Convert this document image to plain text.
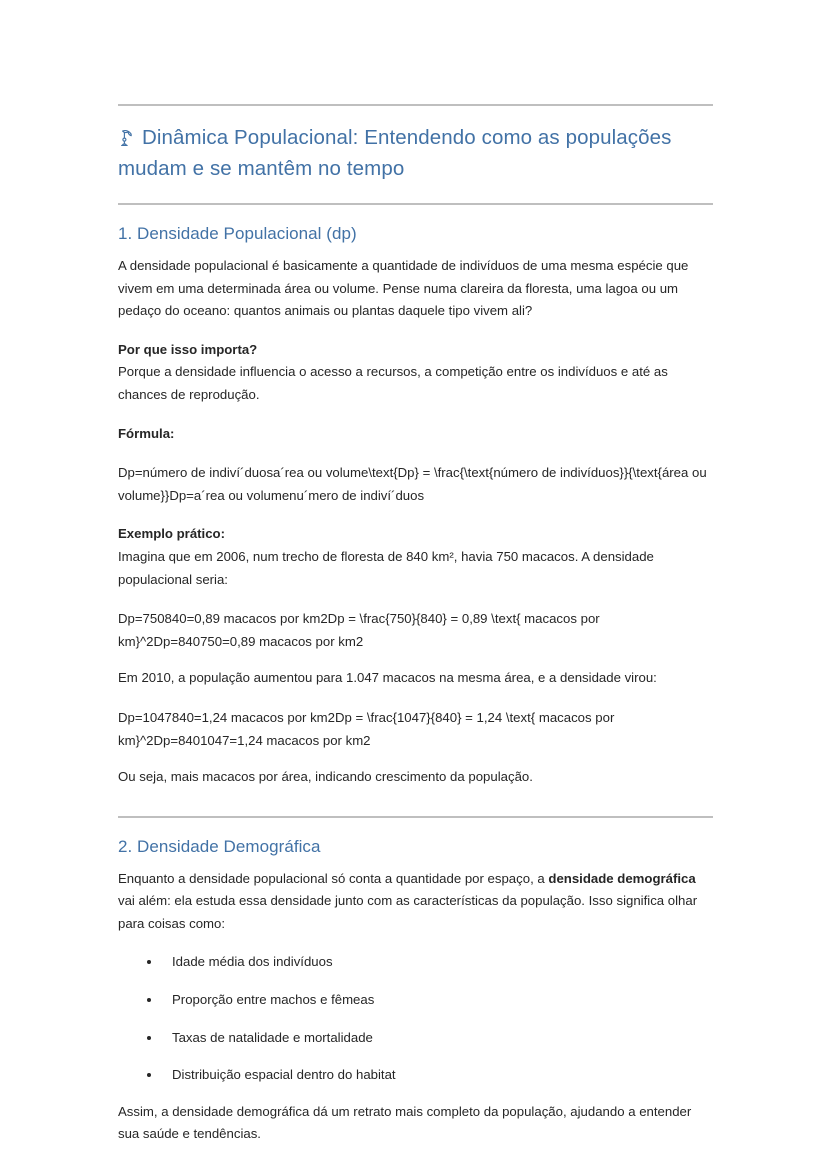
Dinâmica Populacional: Entendendo como as populações mudam e se mantêm no tempo
1. Densidade Populacional (dp)

A densidade populacional é basicamente a quantidade de indivíduos de uma mesma espécie que vivem em uma determinada área ou volume. Pense numa clareira da floresta, uma lagoa ou um pedaço do oceano: quantos animais ou plantas daquele tipo vivem ali?

Por que isso importa?

Porque a densidade influencia o acesso a recursos, a competição entre os indivíduos e até as chances de reprodução.

Fórmula:

Dp=número de indiví´duosa´rea ou volume\text{Dp} = \frac{\text{número de indivíduos}}{\text{área ou volume}}Dp=a´rea ou volumenu´mero de indiví´duos

Exemplo prático:

Imagina que em 2006, num trecho de floresta de 840 km², havia 750 macacos. A densidade populacional seria:

Dp=750840=0,89 macacos por km2Dp = \frac{750}{840} = 0,89 \text{ macacos por km}^2Dp=840750=0,89 macacos por km2

Em 2010, a população aumentou para 1.047 macacos na mesma área, e a densidade virou:

Dp=1047840=1,24 macacos por km2Dp = \frac{1047}{840} = 1,24 \text{ macacos por km}^2Dp=8401047=1,24 macacos por km2

Ou seja, mais macacos por área, indicando crescimento da população.

2. Densidade Demográfica

Enquanto a densidade populacional só conta a quantidade por espaço, a densidade demográfica vai além: ela estuda essa densidade junto com as características da população. Isso significa olhar para coisas como:

Idade média dos indivíduos
Proporção entre machos e fêmeas
Taxas de natalidade e mortalidade
Distribuição espacial dentro do habitat

Assim, a densidade demográfica dá um retrato mais completo da população, ajudando a entender sua saúde e tendências.
